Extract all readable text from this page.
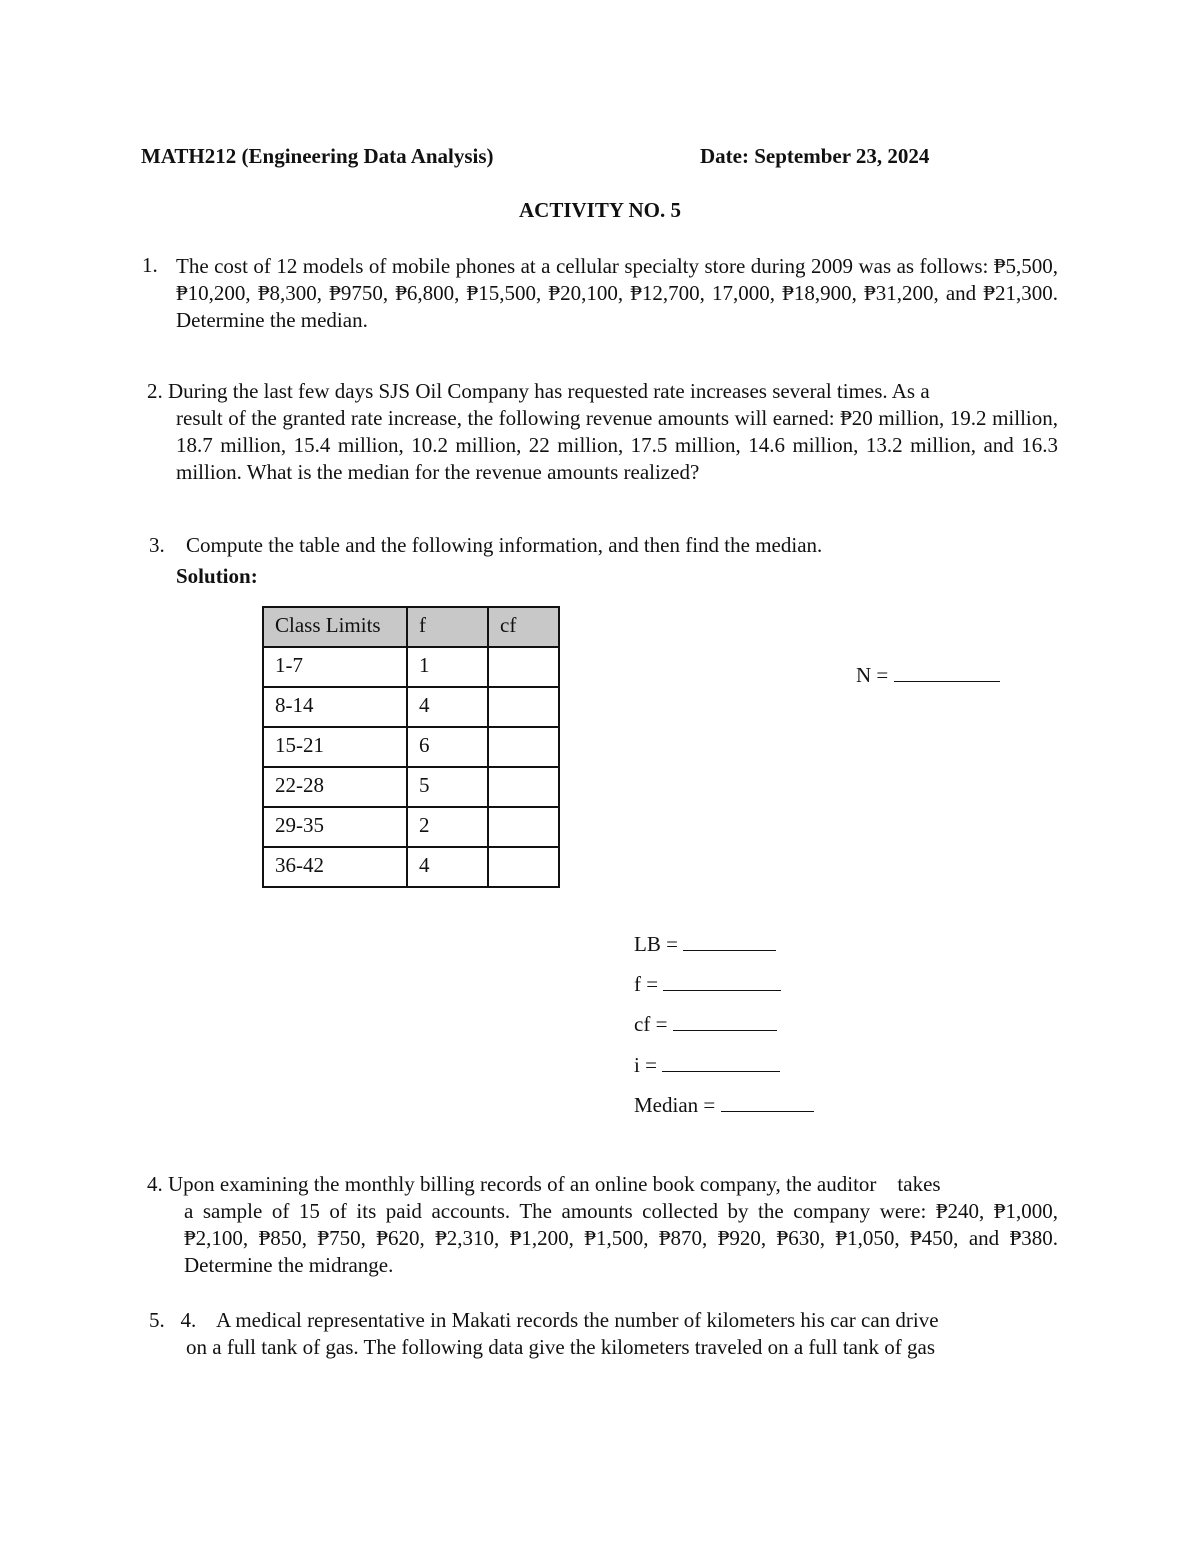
MATH212 (Engineering Data Analysis)	Date: September 23, 2024
ACTIVITY NO. 5
1. The cost of 12 models of mobile phones at a cellular specialty store during 2009 was as follows: ₱5,500, ₱10,200, ₱8,300, ₱9750, ₱6,800, ₱15,500, ₱20,100, ₱12,700, 17,000, ₱18,900, ₱31,200, and ₱21,300. Determine the median.
2. During the last few days SJS Oil Company has requested rate increases several times. As a
result of the granted rate increase, the following revenue amounts will earned: ₱20 million, 19.2 million, 18.7 million, 15.4 million, 10.2 million, 22 million, 17.5 million, 14.6 million, 13.2 million, and 16.3 million. What is the median for the revenue amounts realized?
3. Compute the table and the following information, and then find the median.
Solution:
Class Limits	f	cf
1-7	1	
8-14	4	
15-21	6	
22-28	5	
29-35	2	
36-42	4	
N =
LB =
f =
cf =
i =
Median =
4. Upon examining the monthly billing records of an online book company, the auditor    takes
a sample of 15 of its paid accounts. The amounts collected by the company were: ₱240, ₱1,000, ₱2,100, ₱850, ₱750, ₱620, ₱2,310, ₱1,200, ₱1,500, ₱870, ₱920, ₱630, ₱1,050, ₱450, and ₱380. Determine the midrange.
5.   4.    A medical representative in Makati records the number of kilometers his car can drive
on a full tank of gas. The following data give the kilometers traveled on a full tank of gas
